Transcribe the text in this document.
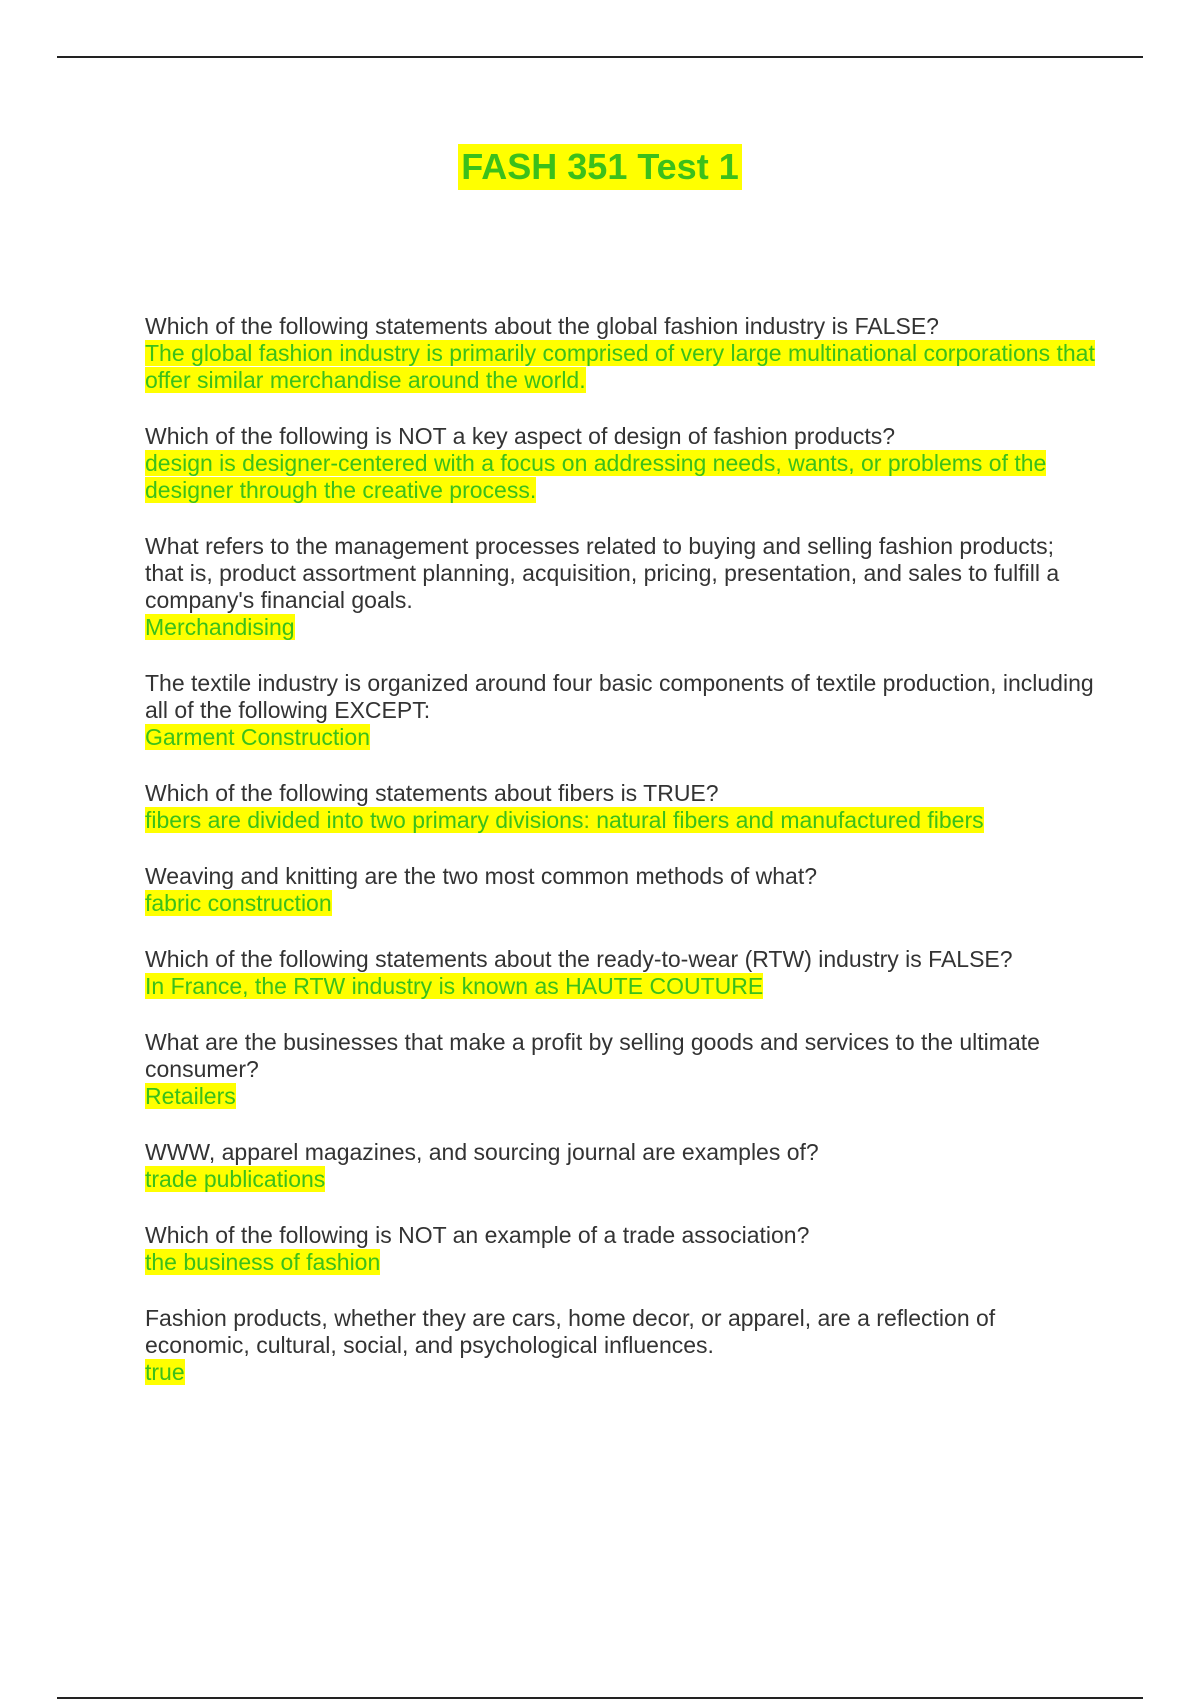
FASH 351 Test 1
Which of the following statements about the global fashion industry is FALSE?
The global fashion industry is primarily comprised of very large multinational corporations that offer similar merchandise around the world.
Which of the following is NOT a key aspect of design of fashion products?
design is designer-centered with a focus on addressing needs, wants, or problems of the designer through the creative process.
What refers to the management processes related to buying and selling fashion products; that is, product assortment planning, acquisition, pricing, presentation, and sales to fulfill a company's financial goals.
Merchandising
The textile industry is organized around four basic components of textile production, including all of the following EXCEPT:
Garment Construction
Which of the following statements about fibers is TRUE?
fibers are divided into two primary divisions: natural fibers and manufactured fibers
Weaving and knitting are the two most common methods of what?
fabric construction
Which of the following statements about the ready-to-wear (RTW) industry is FALSE?
In France, the RTW industry is known as HAUTE COUTURE
What are the businesses that make a profit by selling goods and services to the ultimate consumer?
Retailers
WWW, apparel magazines, and sourcing journal are examples of?
trade publications
Which of the following is NOT an example of a trade association?
the business of fashion
Fashion products, whether they are cars, home decor, or apparel, are a reflection of economic, cultural, social, and psychological influences.
true
